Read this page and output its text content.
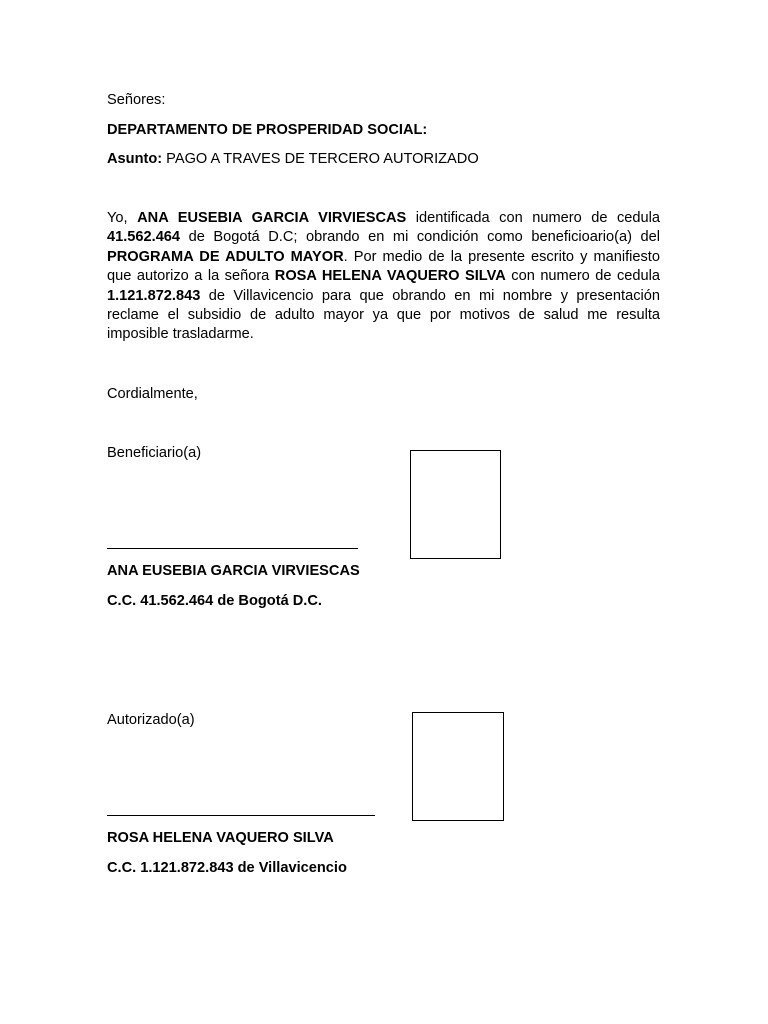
Señores:
DEPARTAMENTO DE PROSPERIDAD SOCIAL:
Asunto: PAGO A TRAVES DE TERCERO AUTORIZADO
Yo, ANA EUSEBIA GARCIA VIRVIESCAS identificada con numero de cedula 41.562.464 de Bogotá D.C; obrando en mi condición como beneficioario(a) del PROGRAMA DE ADULTO MAYOR. Por medio de la presente escrito y manifiesto que autorizo a la señora ROSA HELENA VAQUERO SILVA con numero de cedula 1.121.872.843 de Villavicencio para que obrando en mi nombre y presentación reclame el subsidio de adulto mayor ya que por motivos de salud me resulta imposible trasladarme.
Cordialmente,
Beneficiario(a)
ANA EUSEBIA GARCIA VIRVIESCAS
C.C. 41.562.464 de Bogotá D.C.
Autorizado(a)
ROSA HELENA VAQUERO SILVA
C.C. 1.121.872.843 de Villavicencio
